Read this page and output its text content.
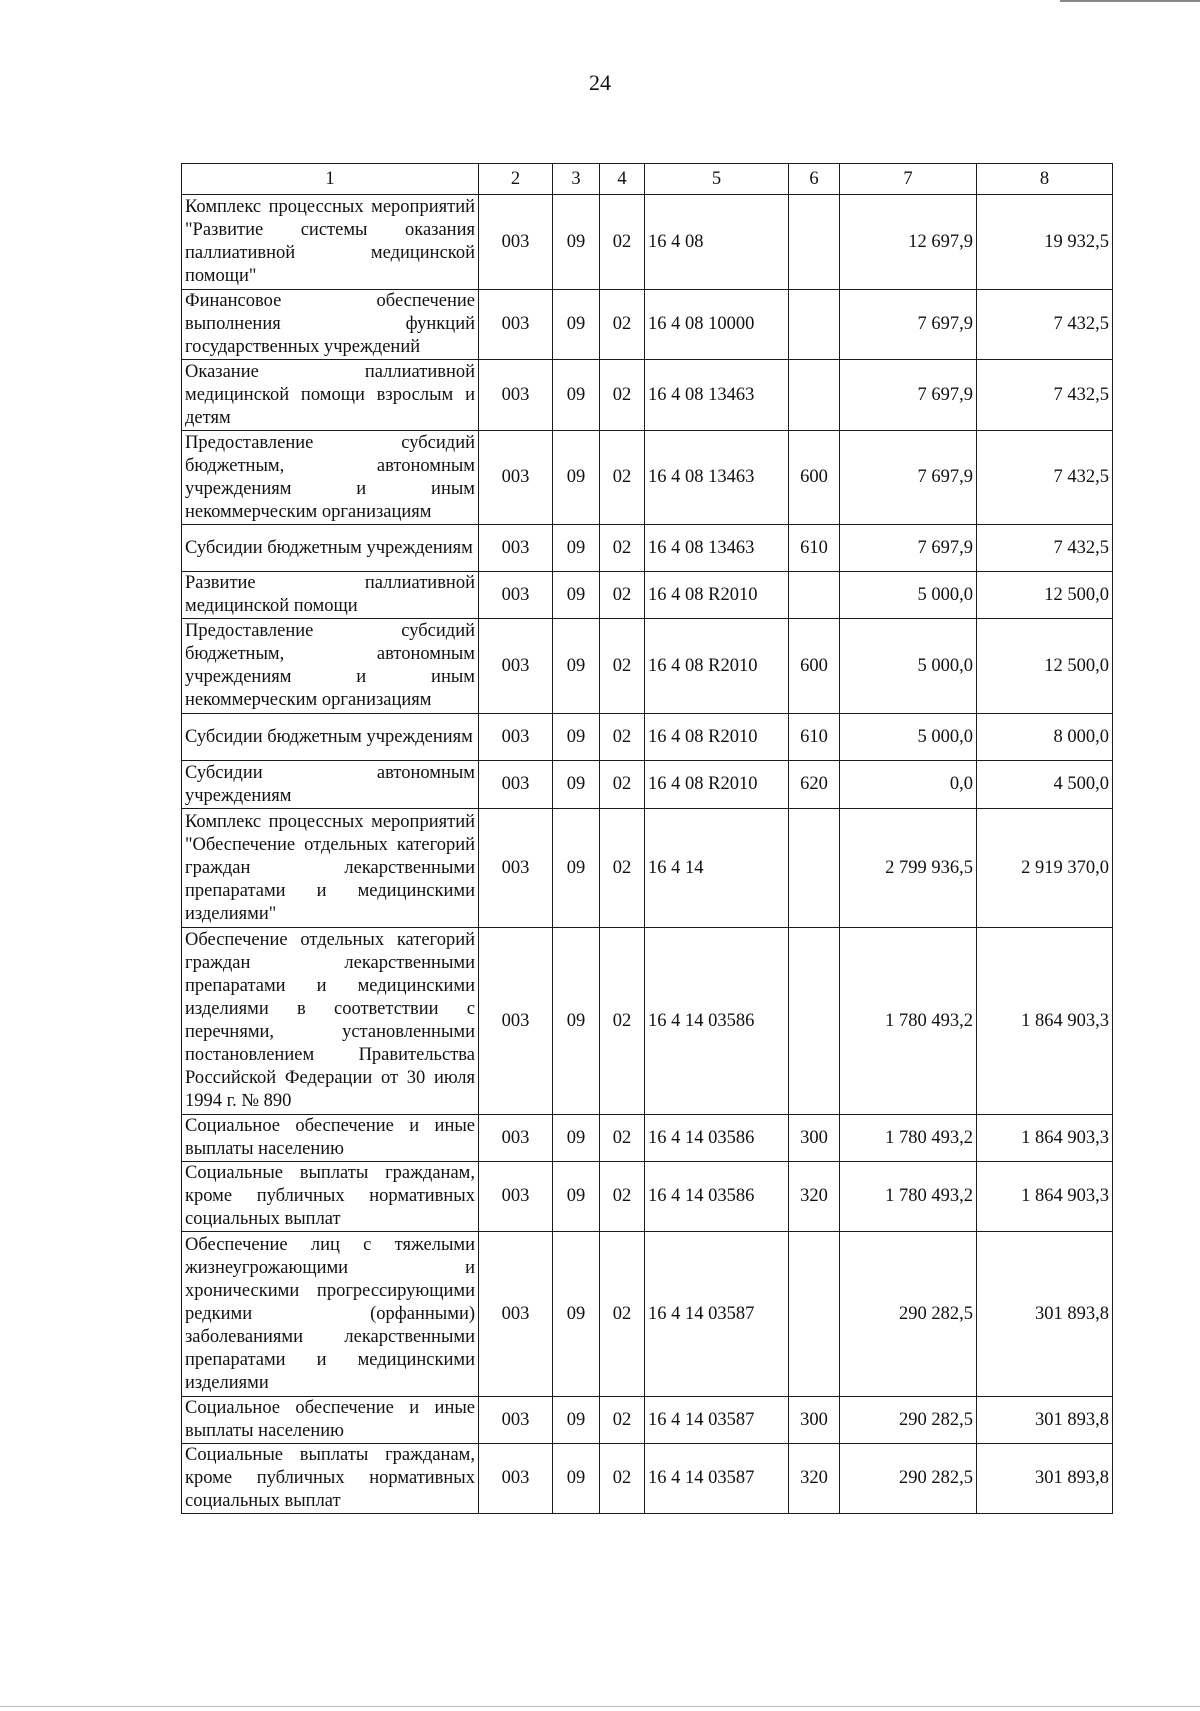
24
1	2	3	4	5	6	7	8
Комплекс процессных мероприятий "Развитие системы оказания паллиативной медицинской помощи"	003	09	02	16 4 08		12 697,9	19 932,5
Финансовое обеспечение выполнения функций государственных учреждений	003	09	02	16 4 08 10000		7 697,9	7 432,5
Оказание паллиативной медицинской помощи взрослым и детям	003	09	02	16 4 08 13463		7 697,9	7 432,5
Предоставление субсидий бюджетным, автономным учреждениям и иным некоммерческим организациям	003	09	02	16 4 08 13463	600	7 697,9	7 432,5
Субсидии бюджетным учреждениям	003	09	02	16 4 08 13463	610	7 697,9	7 432,5
Развитие паллиативной медицинской помощи	003	09	02	16 4 08 R2010		5 000,0	12 500,0
Предоставление субсидий бюджетным, автономным учреждениям и иным некоммерческим организациям	003	09	02	16 4 08 R2010	600	5 000,0	12 500,0
Субсидии бюджетным учреждениям	003	09	02	16 4 08 R2010	610	5 000,0	8 000,0
Субсидии автономным учреждениям	003	09	02	16 4 08 R2010	620	0,0	4 500,0
Комплекс процессных мероприятий "Обеспечение отдельных категорий граждан лекарственными препаратами и медицинскими изделиями"	003	09	02	16 4 14		2 799 936,5	2 919 370,0
Обеспечение отдельных категорий граждан лекарственными препаратами и медицинскими изделиями в соответствии с перечнями, установленными постановлением Правительства Российской Федерации от 30 июля 1994 г. № 890	003	09	02	16 4 14 03586		1 780 493,2	1 864 903,3
Социальное обеспечение и иные выплаты населению	003	09	02	16 4 14 03586	300	1 780 493,2	1 864 903,3
Социальные выплаты гражданам, кроме публичных нормативных социальных выплат	003	09	02	16 4 14 03586	320	1 780 493,2	1 864 903,3
Обеспечение лиц с тяжелыми жизнеугрожающими и хроническими прогрессирующими редкими (орфанными) заболеваниями лекарственными препаратами и медицинскими изделиями	003	09	02	16 4 14 03587		290 282,5	301 893,8
Социальное обеспечение и иные выплаты населению	003	09	02	16 4 14 03587	300	290 282,5	301 893,8
Социальные выплаты гражданам, кроме публичных нормативных социальных выплат	003	09	02	16 4 14 03587	320	290 282,5	301 893,8
